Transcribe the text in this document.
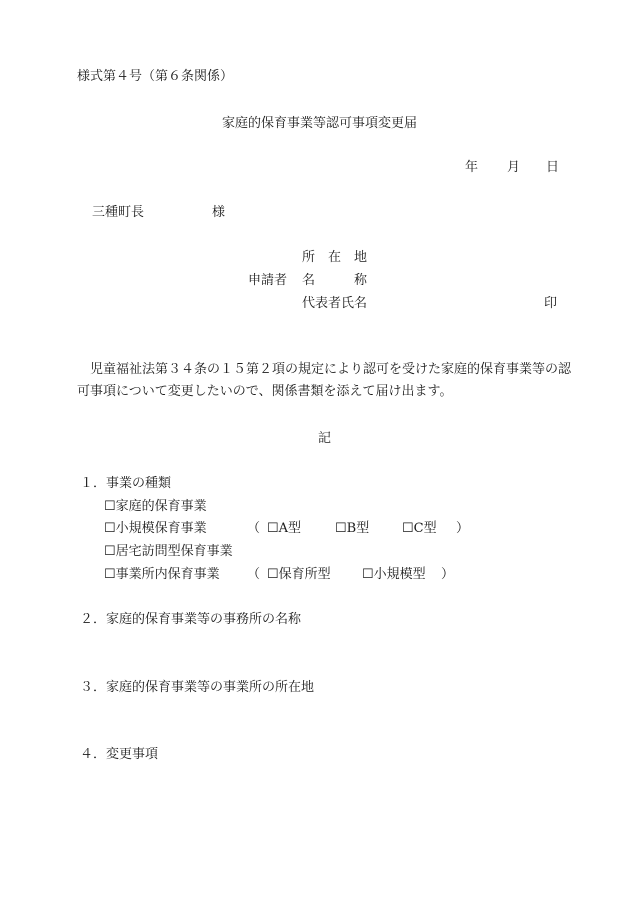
様式第４号（第６条関係）
家庭的保育事業等認可事項変更届
年 月 日
三種町長	様
所　在　地
申請者 名　　　称
代表者氏名	印
　児童福祉法第３４条の１５第２項の規定により認可を受けた家庭的保育事業等の認可事項について変更したいので、関係書類を添えて届け出ます。
記
１．事業の種類
☐家庭的保育事業
☐小規模保育事業	（ ☐A型	☐B型	☐C型 ）
☐居宅訪問型保育事業
☐事業所内保育事業 （ ☐保育所型 ☐小規模型 ）
２．家庭的保育事業等の事務所の名称
３．家庭的保育事業等の事業所の所在地
４．変更事項
